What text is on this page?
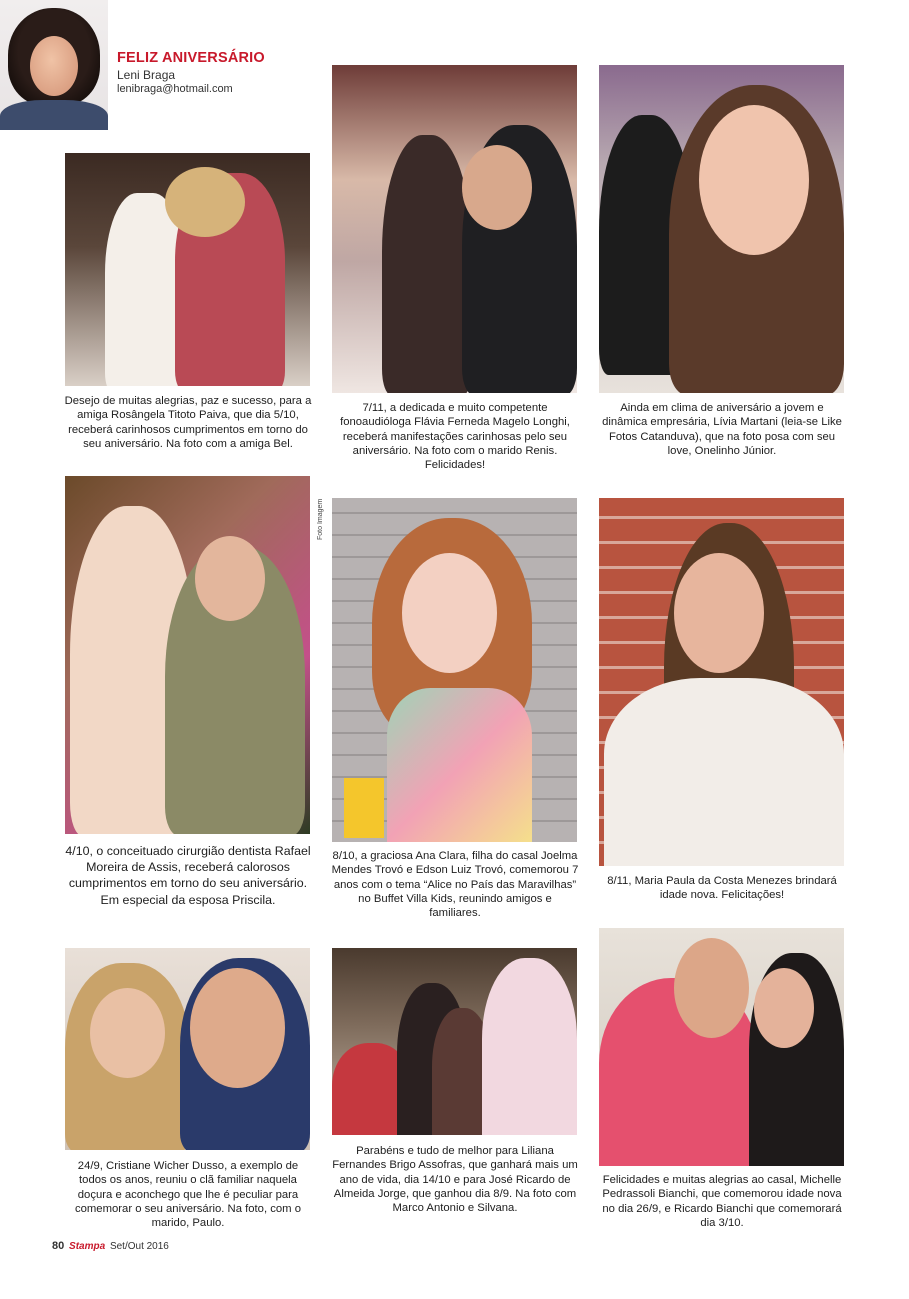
FELIZ ANIVERSÁRIO
Leni Braga
lenibraga@hotmail.com

Desejo de muitas alegrias, paz e sucesso, para a amiga Rosângela Titoto Paiva, que dia 5/10, receberá carinhosos cumprimentos em torno do seu aniversário. Na foto com a amiga Bel.

7/11, a dedicada e muito competente fonoaudióloga Flávia Ferneda Magelo Longhi, receberá manifestações carinhosas pelo seu aniversário. Na foto com o marido Renis. Felicidades!

Ainda em clima de aniversário a jovem e dinâmica empresária, Lívia Martani (leia-se Like Fotos Catanduva), que na foto posa com seu love, Onelinho Júnior.

4/10, o conceituado cirurgião dentista Rafael Moreira de Assis, receberá calorosos cumprimentos em torno do seu aniversário. Em especial da esposa Priscila.

8/10, a graciosa Ana Clara, filha do casal Joelma Mendes Trovó e Edson Luiz Trovó, comemorou 7 anos com o tema “Alice no País das Maravilhas” no Buffet Villa Kids, reunindo amigos e familiares.

Foto Imagem

8/11, Maria Paula da Costa Menezes brindará idade nova. Felicitações!

24/9, Cristiane Wicher Dusso, a exemplo de todos os anos, reuniu o clã familiar naquela doçura e aconchego que lhe é peculiar para comemorar o seu aniversário. Na foto, com o marido, Paulo.

Parabéns e tudo de melhor para Liliana Fernandes Brigo Assofras, que ganhará mais um ano de vida, dia 14/10 e para José Ricardo de Almeida Jorge, que ganhou dia 8/9. Na foto com Marco Antonio e Silvana.

Felicidades e muitas alegrias ao casal, Michelle Pedrassoli Bianchi, que comemorou idade nova no dia 26/9, e Ricardo Bianchi que comemorará dia 3/10.

80 Stampa Set/Out 2016
